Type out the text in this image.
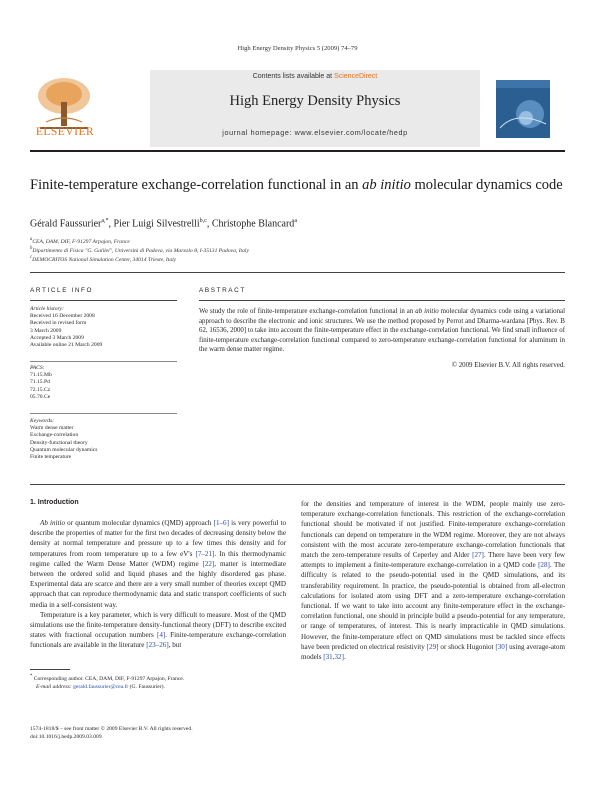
High Energy Density Physics 5 (2009) 74–79
Contents lists available at ScienceDirect
High Energy Density Physics
journal homepage: www.elsevier.com/locate/hedp
ELSEVIER
Finite-temperature exchange-correlation functional in an ab initio molecular dynamics code
Gérald Faussurier$^{a,*}$, Pier Luigi Silvestrelli$^{b,c}$, Christophe Blancard$^a$
$^a$CEA, DAM, DIF, F-91297 Arpajon, France
$^b$Dipartimento di Fisica "G. Galilei", Università di Padova, via Marzolo 8, I-35131 Padova, Italy
$^c$DEMOCRITOS National Simulation Center, 34014 Trieste, Italy
ARTICLE INFO	ABSTRACT
Article history:
Received 16 December 2008
Received in revised form
3 March 2009
Accepted 3 March 2009
Available online 21 March 2009
PACS:
71.15.Mb
71.15.Pd
72.15.Cz
05.70.Ce
Keywords:
Warm dense matter
Exchange-correlation
Density-functional theory
Quantum molecular dynamics
Finite temperature
We study the role of finite-temperature exchange-correlation functional in an ab initio molecular dynamics code using a variational approach to describe the electronic and ionic structures. We use the method proposed by Perrot and Dharma-wardana [Phys. Rev. B 62, 16536, 2000] to take into account the finite-temperature effect in the exchange-correlation functional. We find small influence of finite-temperature exchange-correlation functional compared to zero-temperature exchange-correlation functional for aluminum in the warm dense matter regime.
© 2009 Elsevier B.V. All rights reserved.
1. Introduction

Ab initio or quantum molecular dynamics (QMD) approach [1–6] is very powerful to describe the properties of matter for the first two decades of decreasing density below the density at normal temperature and pressure up to a few times this density and for temperatures from room temperature up to a few eV's [7–21]. In this thermodynamic regime called the Warm Dense Matter (WDM) regime [22], matter is intermediate between the ordered solid and liquid phases and the highly disordered gas phase. Experimental data are scarce and there are a very small number of theories except QMD approach that can reproduce thermodynamic data and static transport coefficients of such media in a self-consistent way.

Temperature is a key parameter, which is very difficult to measure. Most of the QMD simulations use the finite-temperature density-functional theory (DFT) to describe excited states with fractional occupation numbers [4]. Finite-temperature exchange-correlation functionals are available in the literature [23–26], but

for the densities and temperature of interest in the WDM, people mainly use zero-temperature exchange-correlation functionals. This restriction of the exchange-correlation functional should be motivated if not justified. Finite-temperature exchange-correlation functionals can depend on temperature in the WDM regime. Moreover, they are not always consistent with the most accurate zero-temperature exchange-correlation functionals that match the zero-temperature results of Ceperley and Alder [27]. There have been very few attempts to implement a finite-temperature exchange-correlation in a QMD code [28]. The difficulty is related to the pseudo-potential used in the QMD simulations, and its transferability requirement. In practice, the pseudo-potential is obtained from all-electron calculations for isolated atom using DFT and a zero-temperature exchange-correlation functional. If we want to take into account any finite-temperature effect in the exchange-correlation functional, one should in principle build a pseudo-potential for any temperature, or range of temperatures, of interest. This is nearly impracticable in QMD simulations. However, the finite-temperature effect on QMD simulations must be tackled since effects have been predicted on electrical resistivity [29] or shock Hugoniot [30] using average-atom models [31,32].

* Corresponding author. CEA, DAM, DIF, F-91297 Arpajon, France.
E-mail address: gerald.faussurier@cea.fr (G. Faussurier).
1574-1818/$ – see front matter © 2009 Elsevier B.V. All rights reserved.
doi:10.1016/j.hedp.2009.03.009
